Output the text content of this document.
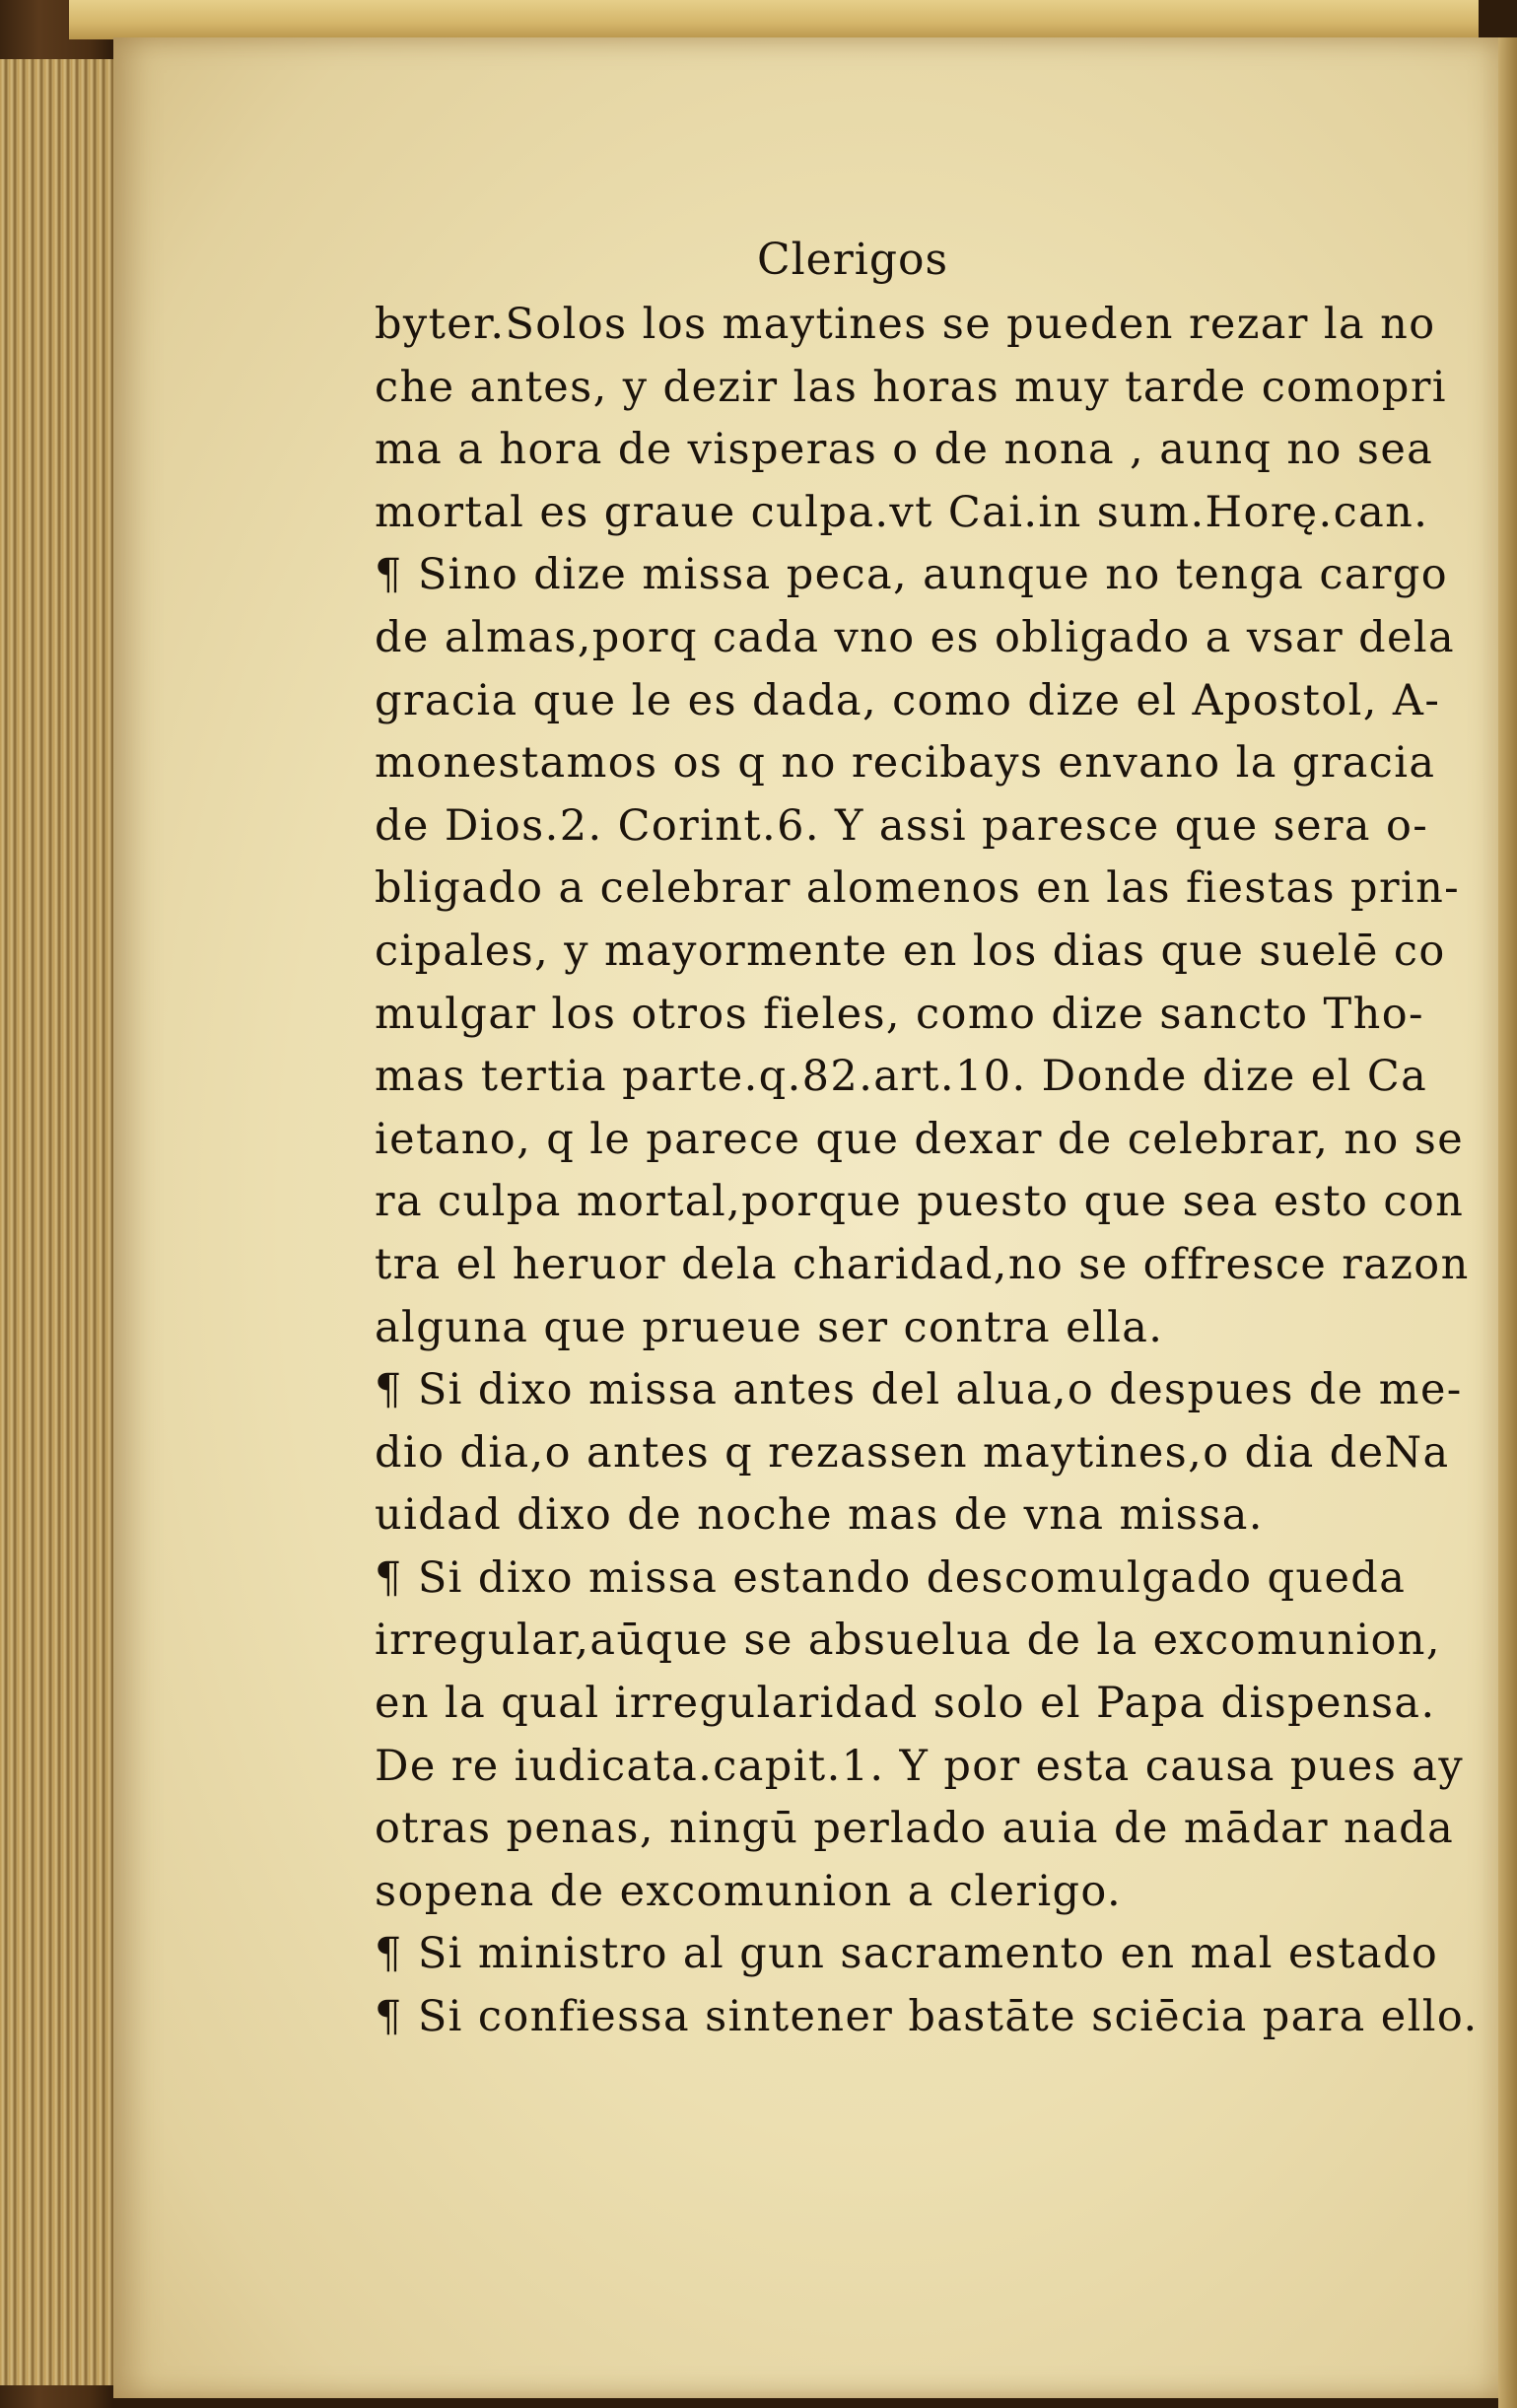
Clerigos
byter.Solos los maytines se pueden rezar la no
che antes, y dezir las horas muy tarde comopri
ma a hora de visperas o de nona , aunq no sea
mortal es graue culpa.vt Cai.in sum.Horę.can.
¶ Sino dize missa peca, aunque no tenga cargo
de almas,porq cada vno es obligado a vsar dela
gracia que le es dada, como dize el Apostol, A-
monestamos os q no recibays envano la gracia
de Dios.2. Corint.6. Y assi paresce que sera o-
bligado a celebrar alomenos en las fiestas prin-
cipales, y mayormente en los dias que suelē co
mulgar los otros fieles, como dize sancto Tho-
mas tertia parte.q.82.art.10. Donde dize el Ca
ietano, q le parece que dexar de celebrar, no se
ra culpa mortal,porque puesto que sea esto con
tra el heruor dela charidad,no se offresce razon
alguna que prueue ser contra ella.
¶ Si dixo missa antes del alua,o despues de me-
dio dia,o antes q rezassen maytines,o dia deNa
uidad dixo de noche mas de vna missa.
¶ Si dixo missa estando descomulgado queda
irregular,aūque se absuelua de la excomunion,
en la qual irregularidad solo el Papa dispensa.
De re iudicata.capit.1. Y por esta causa pues ay
otras penas, ningū perlado auia de mādar nada
sopena de excomunion a clerigo.
¶ Si ministro al gun sacramento en mal estado
¶ Si confiessa sintener bastāte sciēcia para ello.
